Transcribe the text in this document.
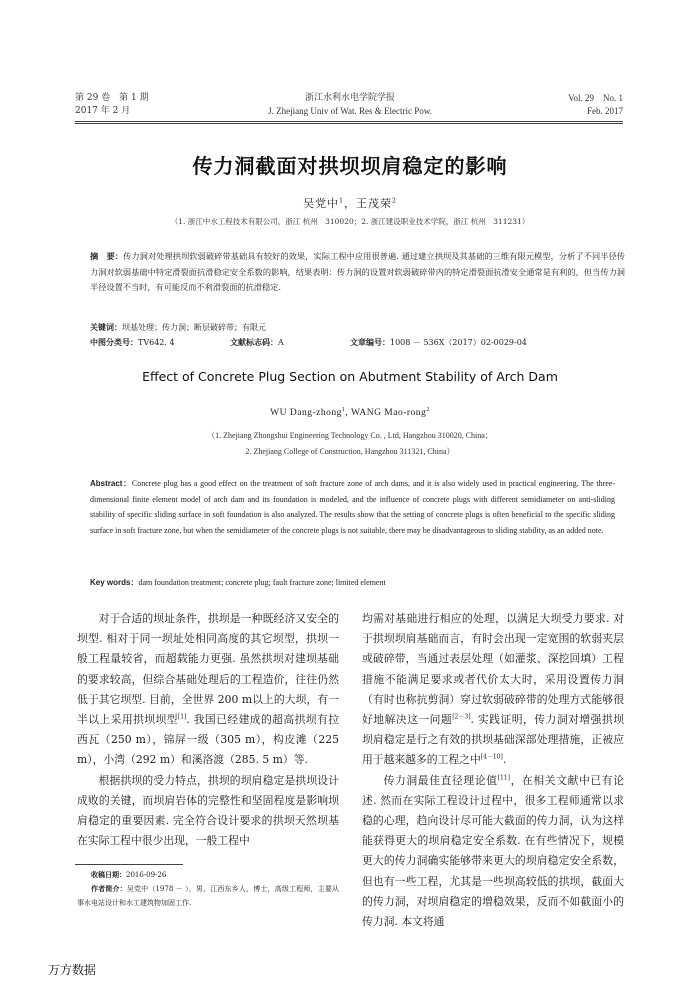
第 29 卷　第 1 期
2017 年 2 月
浙江水利水电学院学报
J. Zhejiang Univ of Wat. Res & Electric Pow.
Vol. 29　No. 1
Feb. 2017
传力洞截面对拱坝坝肩稳定的影响
吴党中$^1$，王茂荣$^2$
（1. 浙江中水工程技术有限公司，浙江 杭州　310020；2. 浙江建设职业技术学院，浙江 杭州　311231）
摘　要：传力洞对处理拱坝软弱破碎带基础具有较好的效果，实际工程中应用很普遍. 通过建立拱坝及其基础的三维有限元模型，分析了不同半径传力洞对软弱基础中特定滑裂面抗滑稳定安全系数的影响，结果表明：传力洞的设置对软弱破碎带内的特定滑裂面抗滑安全通常是有利的，但当传力洞半径设置不当时，有可能反而不利滑裂面的抗滑稳定.
关键词：坝基处理；传力洞；断层破碎带；有限元
中图分类号：TV642. 4	文献标志码：A	文章编号：1008 － 536X（2017）02-0029-04
Effect of Concrete Plug Section on Abutment Stability of Arch Dam
WU Dang-zhong$^1$, WANG Mao-rong$^2$
（1. Zhejiang Zhongshui Engineering Technology Co. , Ltd, Hangzhou 310020, China；
2. Zhejiang College of Construction, Hangzhou 311321, China）
Abstract：Concrete plug has a good effect on the treatment of soft fracture zone of arch dams, and it is also widely used in practical engineering. The three-dimensional finite element model of arch dam and its foundation is modeled, and the influence of concrete plugs with different semidiameter on anti-sliding stability of specific sliding surface in soft foundation is also analyzed. The results show that the setting of concrete plugs is often beneficial to the specific sliding surface in soft fracture zone, but when the semidiameter of the concrete plugs is not suitable, there may be disadvantageous to sliding stability, as an added note.
Key words：dam foundation treatment; concrete plug; fault fracture zone; limited element

对于合适的坝址条件，拱坝是一种既经济又安全的坝型. 相对于同一坝址处相同高度的其它坝型，拱坝一般工程量较省，而超载能力更强. 虽然拱坝对建坝基础的要求较高，但综合基础处理后的工程造价，往往仍然低于其它坝型. 目前，全世界 200 m以上的大坝，有一半以上采用拱坝坝型[1]. 我国已经建成的超高拱坝有拉西瓦（250 m），锦屏一级（305 m），构皮滩（225 m），小湾（292 m）和溪洛渡（285. 5 m）等.

根据拱坝的受力特点，拱坝的坝肩稳定是拱坝设计成败的关键，而坝肩岩体的完整性和坚固程度是影响坝肩稳定的重要因素. 完全符合设计要求的拱坝天然坝基在实际工程中很少出现，一般工程中

均需对基础进行相应的处理，以满足大坝受力要求. 对于拱坝坝肩基础而言，有时会出现一定宽围的软弱夹层或破碎带，当通过表层处理（如灌浆、深挖回填）工程措施不能满足要求或者代价太大时，采用设置传力洞（有时也称抗剪洞）穿过软弱破碎带的处理方式能够很好地解决这一问题[2－3]. 实践证明，传力洞对增强拱坝坝肩稳定是行之有效的拱坝基础深部处理措施，正被应用于越来越多的工程之中[4－10].

传力洞最佳直径理论值[11]，在相关文献中已有论述. 然而在实际工程设计过程中，很多工程师通常以求稳的心理，趋向设计尽可能大截面的传力洞，认为这样能获得更大的坝肩稳定安全系数. 在有些情况下，规模更大的传力洞确实能够带来更大的坝肩稳定安全系数，但也有一些工程，尤其是一些坝高较低的拱坝，截面大的传力洞，对坝肩稳定的增稳效果，反而不如截面小的传力洞. 本文将通

收稿日期：2016-09-26
作者简介：吴党中（1978 － ），男，江西东乡人，博士，高级工程师，主要从事水电站设计和水工建筑物加固工作.
万方数据
